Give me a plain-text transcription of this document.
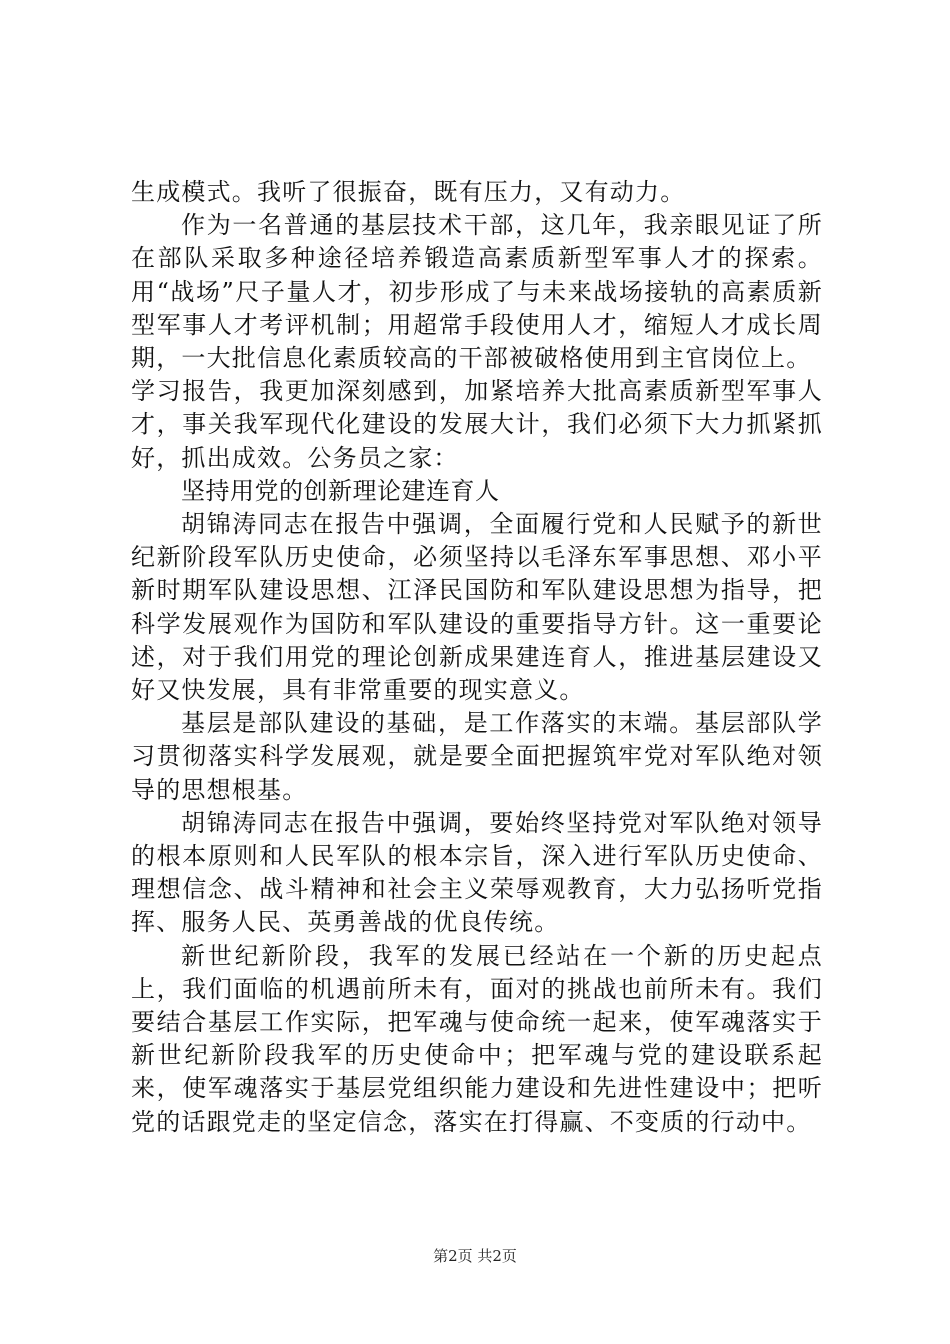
生成模式。我听了很振奋，既有压力，又有动力。

作为一名普通的基层技术干部，这几年，我亲眼见证了所在部队采取多种途径培养锻造高素质新型军事人才的探索。用“战场”尺子量人才，初步形成了与未来战场接轨的高素质新型军事人才考评机制；用超常手段使用人才，缩短人才成长周期，一大批信息化素质较高的干部被破格使用到主官岗位上。

学习报告，我更加深刻感到，加紧培养大批高素质新型军事人才，事关我军现代化建设的发展大计，我们必须下大力抓紧抓好，抓出成效。公务员之家：

坚持用党的创新理论建连育人

胡锦涛同志在报告中强调，全面履行党和人民赋予的新世纪新阶段军队历史使命，必须坚持以毛泽东军事思想、邓小平新时期军队建设思想、江泽民国防和军队建设思想为指导，把科学发展观作为国防和军队建设的重要指导方针。这一重要论述，对于我们用党的理论创新成果建连育人，推进基层建设又好又快发展，具有非常重要的现实意义。

基层是部队建设的基础，是工作落实的末端。基层部队学习贯彻落实科学发展观，就是要全面把握筑牢党对军队绝对领导的思想根基。

胡锦涛同志在报告中强调，要始终坚持党对军队绝对领导的根本原则和人民军队的根本宗旨，深入进行军队历史使命、理想信念、战斗精神和社会主义荣辱观教育，大力弘扬听党指挥、服务人民、英勇善战的优良传统。

新世纪新阶段，我军的发展已经站在一个新的历史起点上，我们面临的机遇前所未有，面对的挑战也前所未有。我们要结合基层工作实际，把军魂与使命统一起来，使军魂落实于新世纪新阶段我军的历史使命中；把军魂与党的建设联系起来，使军魂落实于基层党组织能力建设和先进性建设中；把听党的话跟党走的坚定信念，落实在打得赢、不变质的行动中。

第2页 共2页
